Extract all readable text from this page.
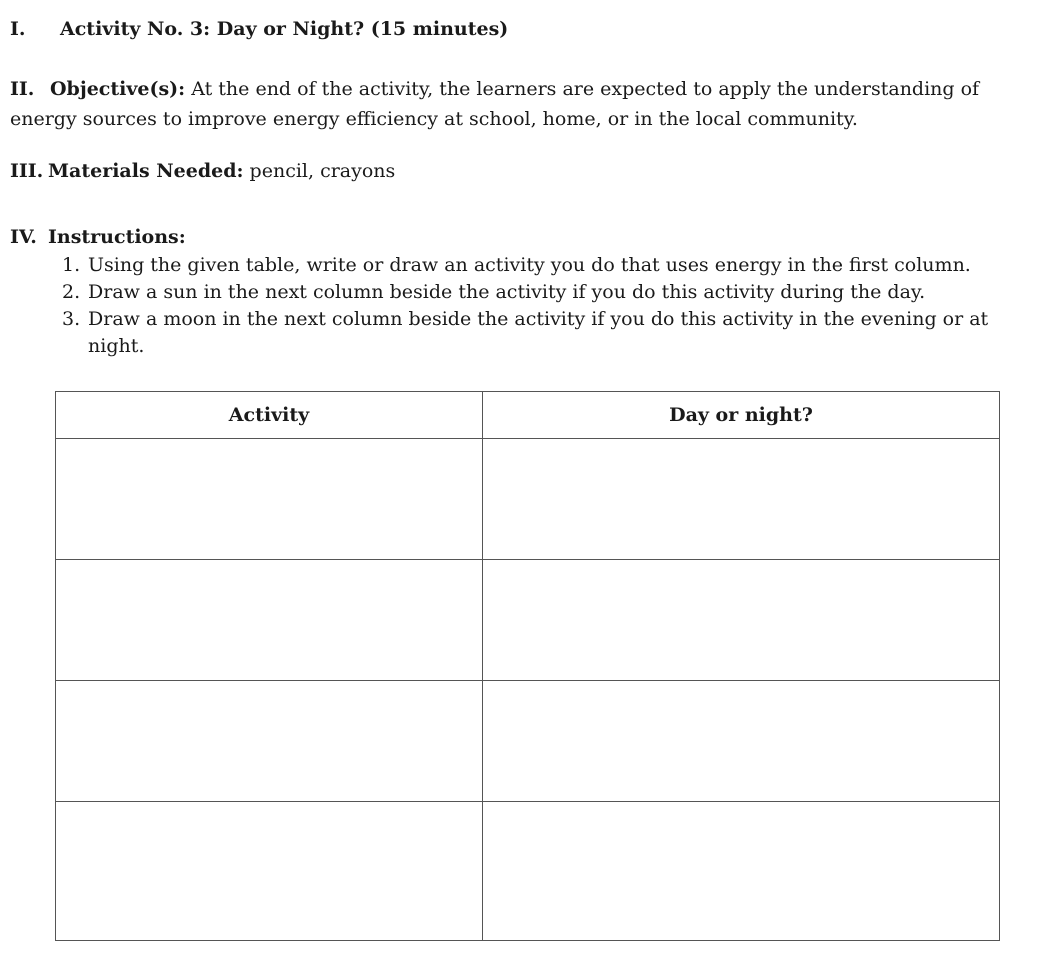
I. Activity No. 3: Day or Night? (15 minutes)
II. Objective(s): At the end of the activity, the learners are expected to apply the understanding of energy sources to improve energy efficiency at school, home, or in the local community.
III. Materials Needed: pencil, crayons
IV. Instructions:
1. Using the given table, write or draw an activity you do that uses energy in the first column.
2. Draw a sun in the next column beside the activity if you do this activity during the day.
3. Draw a moon in the next column beside the activity if you do this activity in the evening or at night.
Activity	Day or night?
